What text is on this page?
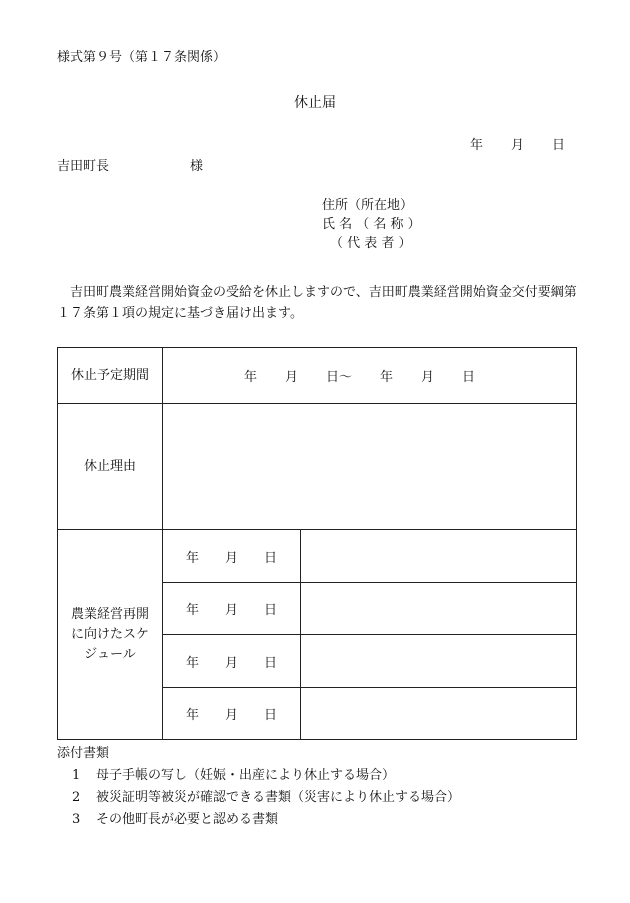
様式第９号（第１７条関係）
休止届
年 月 日
吉田町長	様
住所（所在地）
氏 名 （ 名 称 ）
（ 代 表 者 ）
吉田町農業経営開始資金の受給を休止しますので、吉田町農業経営開始資金交付要綱第１７条第１項の規定に基づき届け出ます。
休止予定期間	年 月 日～ 年 月 日	
休止理由		
農業経営再開に向けたスケジュール	年 月 日	
	年 月 日	
	年 月 日	
	年 月 日	
添付書類
1 母子手帳の写し（妊娠・出産により休止する場合）
2 被災証明等被災が確認できる書類（災害により休止する場合）
3 その他町長が必要と認める書類
